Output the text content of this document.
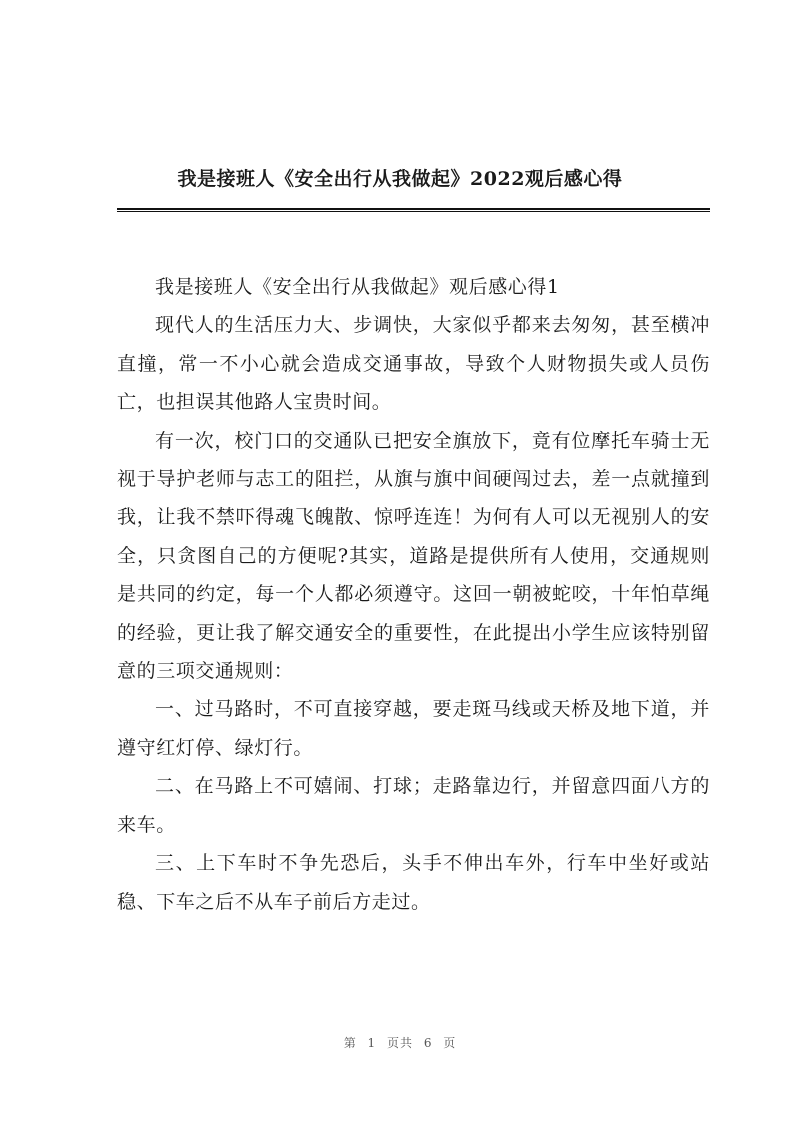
我是接班人《安全出行从我做起》2022观后感心得

我是接班人《安全出行从我做起》观后感心得1

现代人的生活压力大、步调快，大家似乎都来去匆匆，甚至横冲直撞，常一不小心就会造成交通事故，导致个人财物损失或人员伤亡，也担误其他路人宝贵时间。

有一次，校门口的交通队已把安全旗放下，竟有位摩托车骑士无视于导护老师与志工的阻拦，从旗与旗中间硬闯过去，差一点就撞到我，让我不禁吓得魂飞魄散、惊呼连连！为何有人可以无视别人的安全，只贪图自己的方便呢?其实，道路是提供所有人使用，交通规则是共同的约定，每一个人都必须遵守。这回一朝被蛇咬，十年怕草绳的经验，更让我了解交通安全的重要性，在此提出小学生应该特别留意的三项交通规则：

一、过马路时，不可直接穿越，要走斑马线或天桥及地下道，并遵守红灯停、绿灯行。

二、在马路上不可嬉闹、打球；走路靠边行，并留意四面八方的来车。

三、上下车时不争先恐后，头手不伸出车外，行车中坐好或站稳、下车之后不从车子前后方走过。

第 1 页共 6 页
